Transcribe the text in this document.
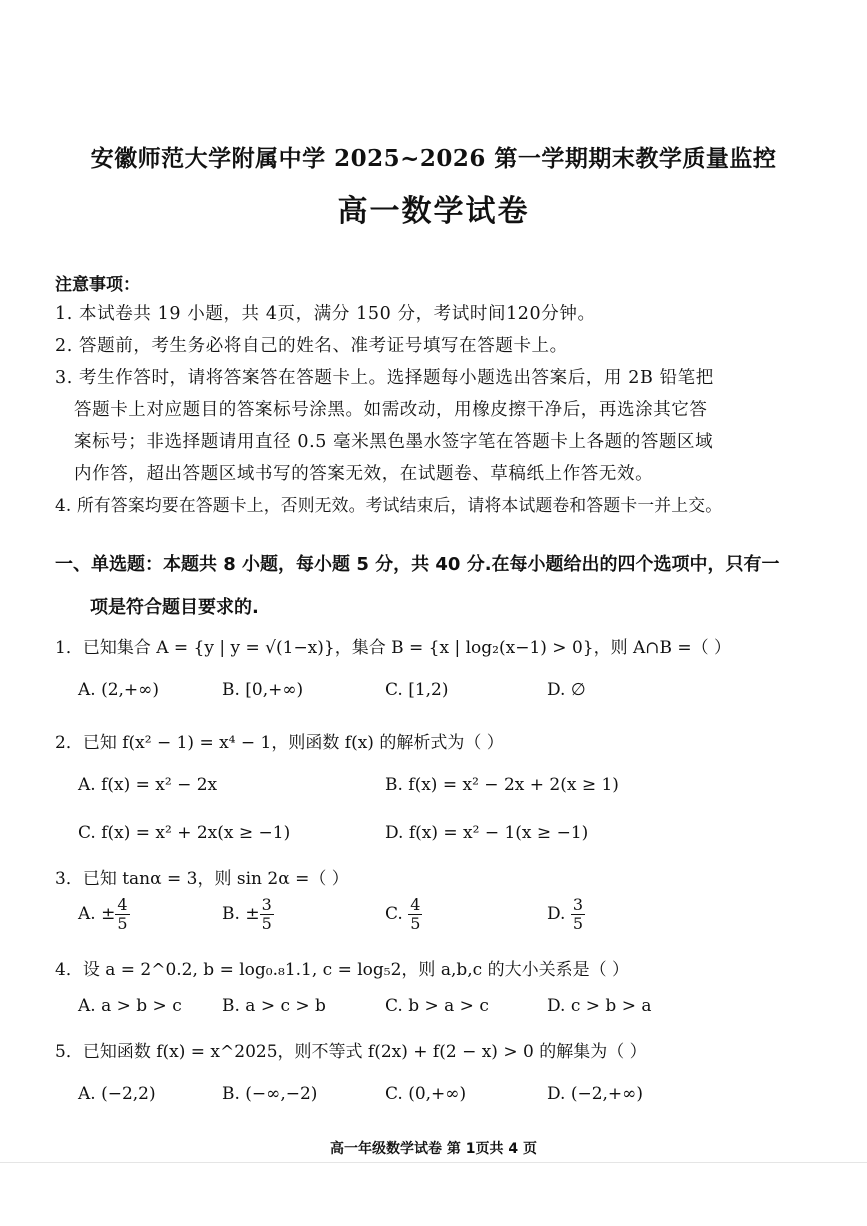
安徽师范大学附属中学 2025~2026 第一学期期末教学质量监控
高一数学试卷
注意事项：
1. 本试卷共 19 小题，共 4页，满分 150 分，考试时间120分钟。
2. 答题前，考生务必将自己的姓名、准考证号填写在答题卡上。
3. 考生作答时，请将答案答在答题卡上。选择题每小题选出答案后，用 2B 铅笔把
答题卡上对应题目的答案标号涂黑。如需改动，用橡皮擦干净后，再选涂其它答
案标号；非选择题请用直径 0.5 毫米黑色墨水签字笔在答题卡上各题的答题区域
内作答，超出答题区域书写的答案无效，在试题卷、草稿纸上作答无效。
4. 所有答案均要在答题卡上，否则无效。考试结束后，请将本试题卷和答题卡一并上交。
一、单选题：本题共 8 小题，每小题 5 分，共 40 分.在每小题给出的四个选项中，只有一
项是符合题目要求的.
1．已知集合 A = {y | y = √(1−x)}，集合 B = {x | log₂(x−1) > 0}，则 A∩B =（ ）
A. (2,+∞)	B. [0,+∞)	C. [1,2)	D. ∅
2．已知 f(x² − 1) = x⁴ − 1，则函数 f(x) 的解析式为（ ）
A. f(x) = x² − 2x	B. f(x) = x² − 2x + 2(x ≥ 1)
C. f(x) = x² + 2x(x ≥ −1)	D. f(x) = x² − 1(x ≥ −1)
3．已知 tanα = 3，则 sin 2α =（ ）
A. ± $\frac{4}{5}$	B. ± $\frac{3}{5}$	C. $\frac{4}{5}$	D. $\frac{3}{5}$
4．设 a = 2^0.2, b = log₀.₈1.1, c = log₅2，则 a,b,c 的大小关系是（ ）
A. a > b > c B. a > c > b	C. b > a > c	D. c > b > a
5．已知函数 f(x) = x^2025，则不等式 f(2x) + f(2 − x) > 0 的解集为（ ）
A. (−2,2)	B. (−∞,−2)	C. (0,+∞)	D. (−2,+∞)
高一年级数学试卷 第 1页共 4 页
